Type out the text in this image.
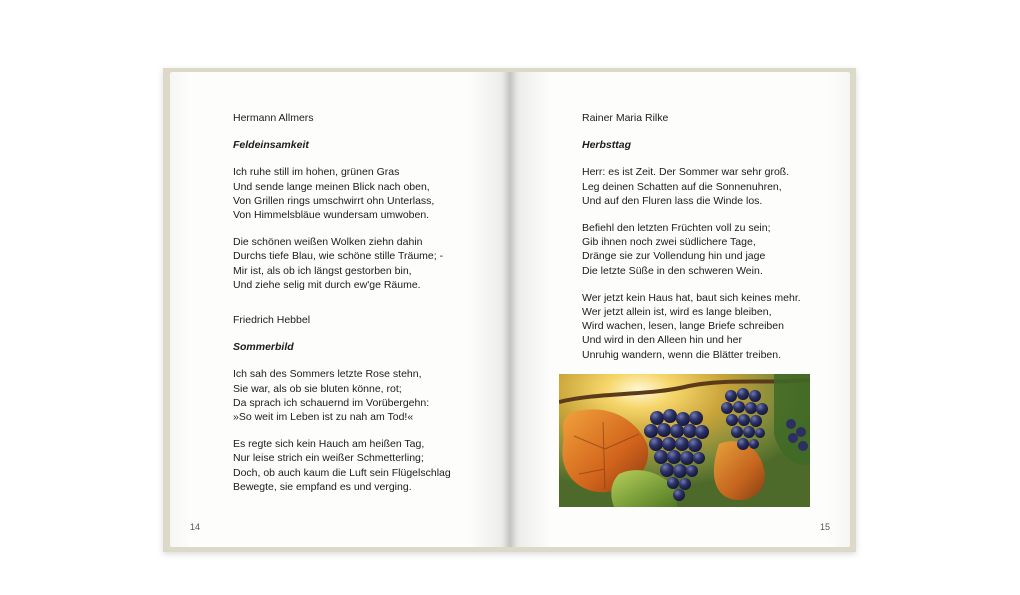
Hermann Allmers

Feldeinsamkeit

Ich ruhe still im hohen, grünen Gras
Und sende lange meinen Blick nach oben,
Von Grillen rings umschwirrt ohn Unterlass,
Von Himmelsbläue wundersam umwoben.
Die schönen weißen Wolken ziehn dahin
Durchs tiefe Blau, wie schöne stille Träume; -
Mir ist, als ob ich längst gestorben bin,
Und ziehe selig mit durch ew'ge Räume.

Friedrich Hebbel

Sommerbild

Ich sah des Sommers letzte Rose stehn,
Sie war, als ob sie bluten könne, rot;
Da sprach ich schauernd im Vorübergehn:
»So weit im Leben ist zu nah am Tod!«
Es regte sich kein Hauch am heißen Tag,
Nur leise strich ein weißer Schmetterling;
Doch, ob auch kaum die Luft sein Flügelschlag
Bewegte, sie empfand es und verging.

Rainer Maria Rilke

Herbsttag

Herr: es ist Zeit. Der Sommer war sehr groß.
Leg deinen Schatten auf die Sonnenuhren,
Und auf den Fluren lass die Winde los.
Befiehl den letzten Früchten voll zu sein;
Gib ihnen noch zwei südlichere Tage,
Dränge sie zur Vollendung hin und jage
Die letzte Süße in den schweren Wein.
Wer jetzt kein Haus hat, baut sich keines mehr.
Wer jetzt allein ist, wird es lange bleiben,
Wird wachen, lesen, lange Briefe schreiben
Und wird in den Alleen hin und her
Unruhig wandern, wenn die Blätter treiben.
14	15
